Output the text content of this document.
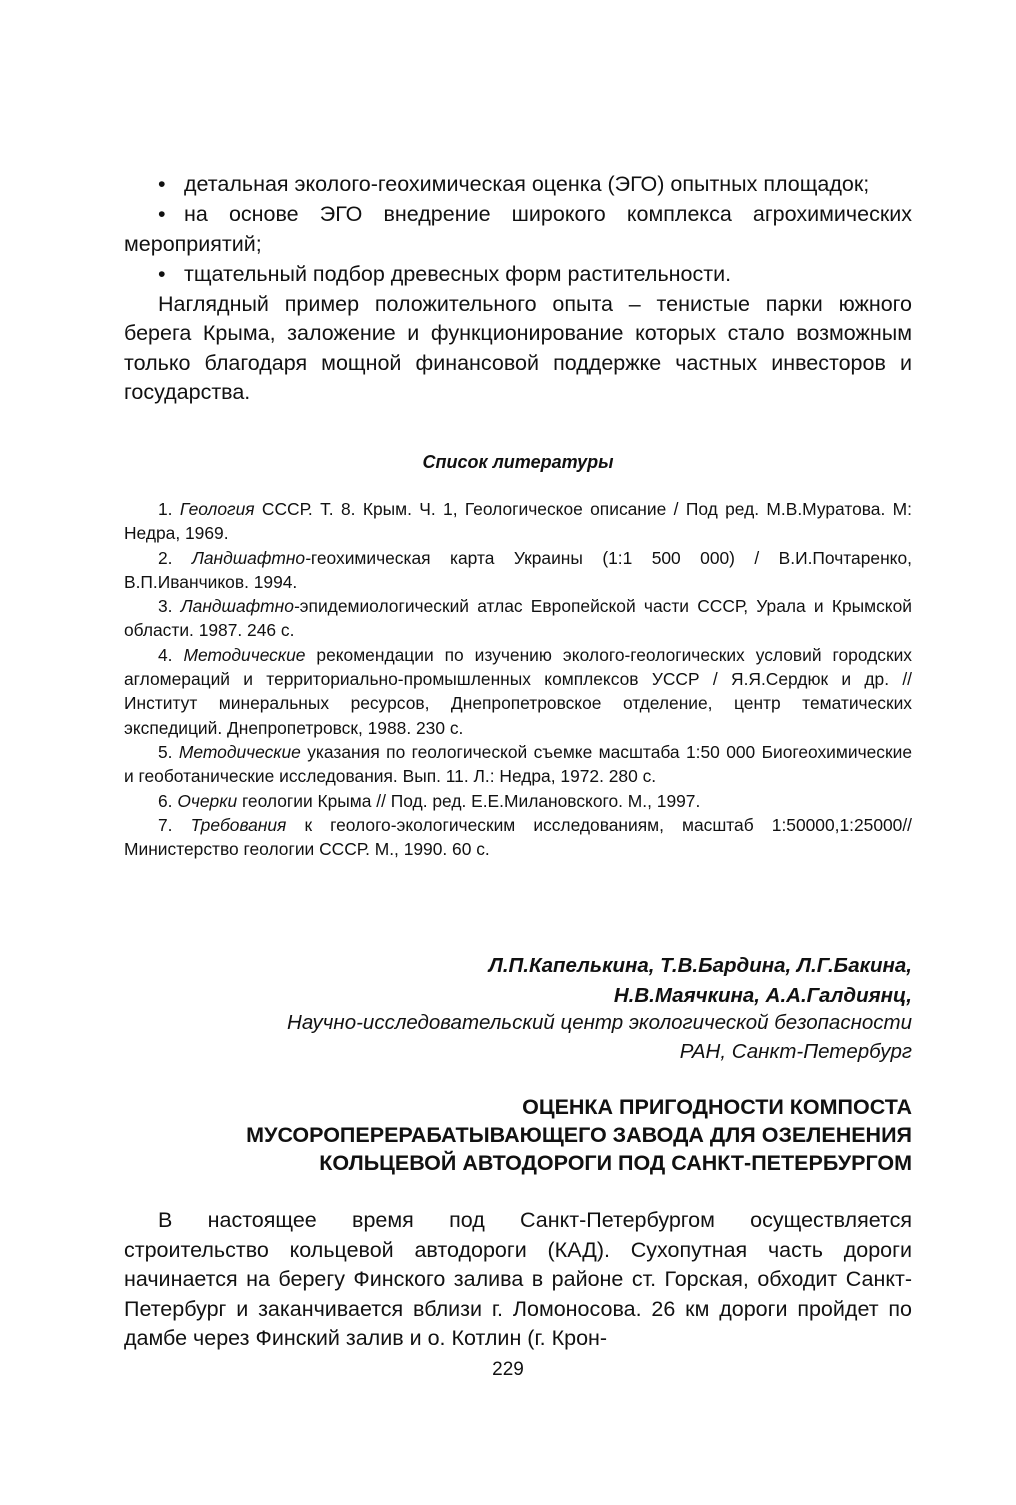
• детальная эколого-геохимическая оценка (ЭГО) опытных площадок;

• на основе ЭГО внедрение широкого комплекса агрохимических мероприятий;

• тщательный подбор древесных форм растительности.

Наглядный пример положительного опыта – тенистые парки южного берега Крыма, заложение и функционирование которых стало возможным только благодаря мощной финансовой поддержке частных инвесторов и государства.

Список литературы
1. Геология СССР. Т. 8. Крым. Ч. 1, Геологическое описание / Под ред. М.В.Муратова. М: Недра, 1969.
2. Ландшафтно-геохимическая карта Украины (1:1 500 000) / В.И.Почтаренко, В.П.Иванчиков. 1994.
3. Ландшафтно-эпидемиологический атлас Европейской части СССР, Урала и Крымской области. 1987. 246 с.
4. Методические рекомендации по изучению эколого-геологических условий городских агломераций и территориально-промышленных комплексов УССР / Я.Я.Сердюк и др. // Институт минеральных ресурсов, Днепропетровское отделение, центр тематических экспедиций. Днепропетровск, 1988. 230 с.
5. Методические указания по геологической съемке масштаба 1:50 000 Биогеохимические и геоботанические исследования. Вып. 11. Л.: Недра, 1972. 280 с.
6. Очерки геологии Крыма // Под. ред. Е.Е.Милановского. М., 1997.
7. Требования к геолого-экологическим исследованиям, масштаб 1:50000,1:25000// Министерство геологии СССР. М., 1990. 60 с.
Л.П.Капелькина, Т.В.Бардина, Л.Г.Бакина,
Н.В.Маячкина, А.А.Галдиянц,
Научно-исследовательский центр экологической безопасности
РАН, Санкт-Петербург
ОЦЕНКА ПРИГОДНОСТИ КОМПОСТА
МУСОРОПЕРЕРАБАТЫВАЮЩЕГО ЗАВОДА ДЛЯ ОЗЕЛЕНЕНИЯ
КОЛЬЦЕВОЙ АВТОДОРОГИ ПОД САНКТ-ПЕТЕРБУРГОМ

В настоящее время под Санкт-Петербургом осуществляется строительство кольцевой автодороги (КАД). Сухопутная часть дороги начинается на берегу Финского залива в районе ст. Горская, обходит Санкт-Петербург и заканчивается вблизи г. Ломоносова. 26 км дороги пройдет по дамбе через Финский залив и о. Котлин (г. Крон-

229
